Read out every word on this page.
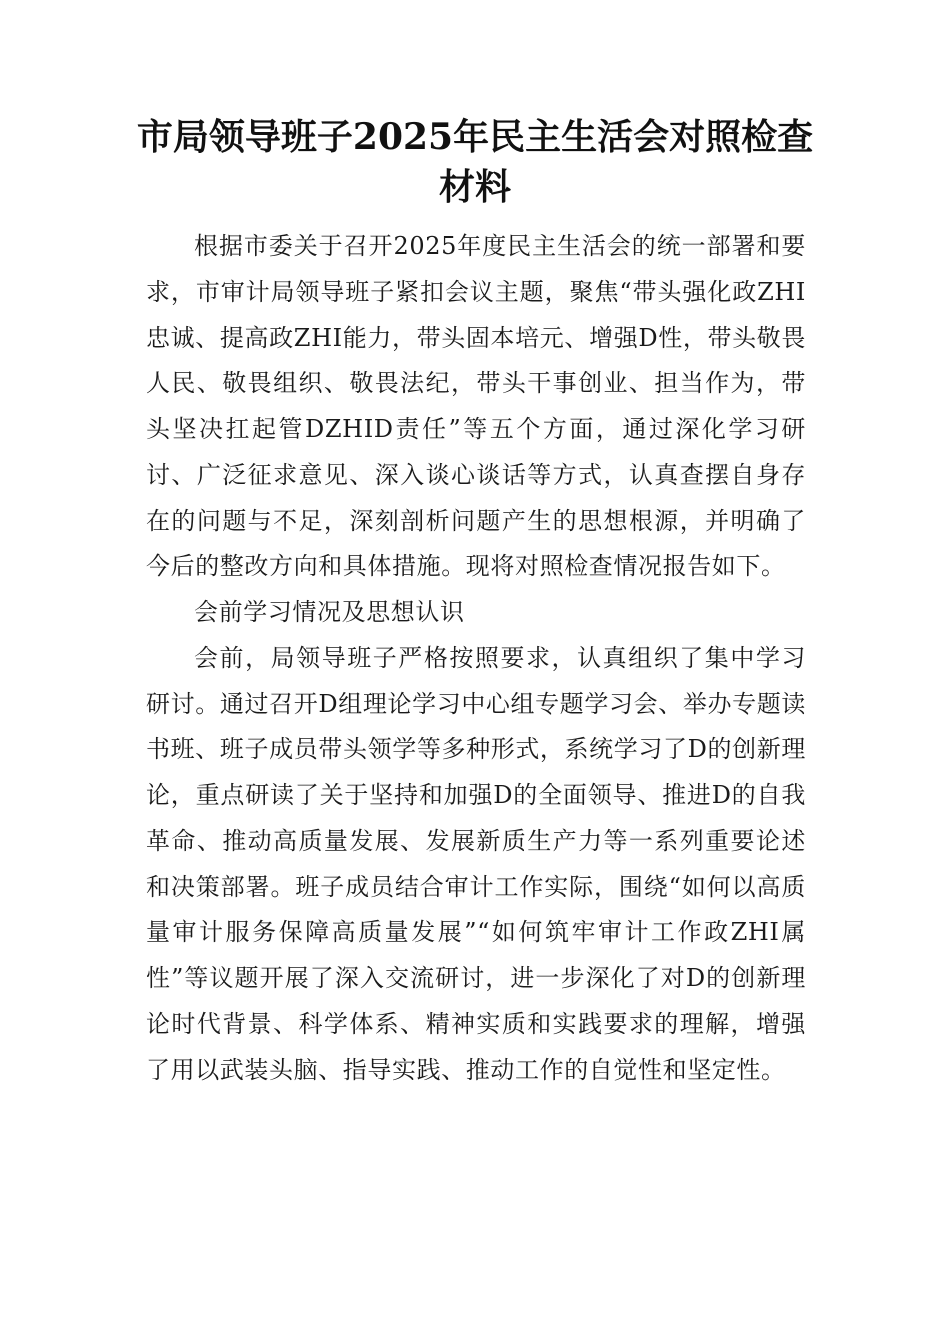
市局领导班子2025年民主生活会对照检查
材料

根据市委关于召开2025年度民主生活会的统一部署和要求，市审计局领导班子紧扣会议主题，聚焦“带头强化政ZHI忠诚、提高政ZHI能力，带头固本培元、增强D性，带头敬畏人民、敬畏组织、敬畏法纪，带头干事创业、担当作为，带头坚决扛起管DZHID责任”等五个方面，通过深化学习研讨、广泛征求意见、深入谈心谈话等方式，认真查摆自身存在的问题与不足，深刻剖析问题产生的思想根源，并明确了今后的整改方向和具体措施。现将对照检查情况报告如下。

会前学习情况及思想认识

会前，局领导班子严格按照要求，认真组织了集中学习研讨。通过召开D组理论学习中心组专题学习会、举办专题读书班、班子成员带头领学等多种形式，系统学习了D的创新理论，重点研读了关于坚持和加强D的全面领导、推进D的自我革命、推动高质量发展、发展新质生产力等一系列重要论述和决策部署。班子成员结合审计工作实际，围绕“如何以高质量审计服务保障高质量发展”“如何筑牢审计工作政ZHI属性”等议题开展了深入交流研讨，进一步深化了对D的创新理论时代背景、科学体系、精神实质和实践要求的理解，增强了用以武装头脑、指导实践、推动工作的自觉性和坚定性。
